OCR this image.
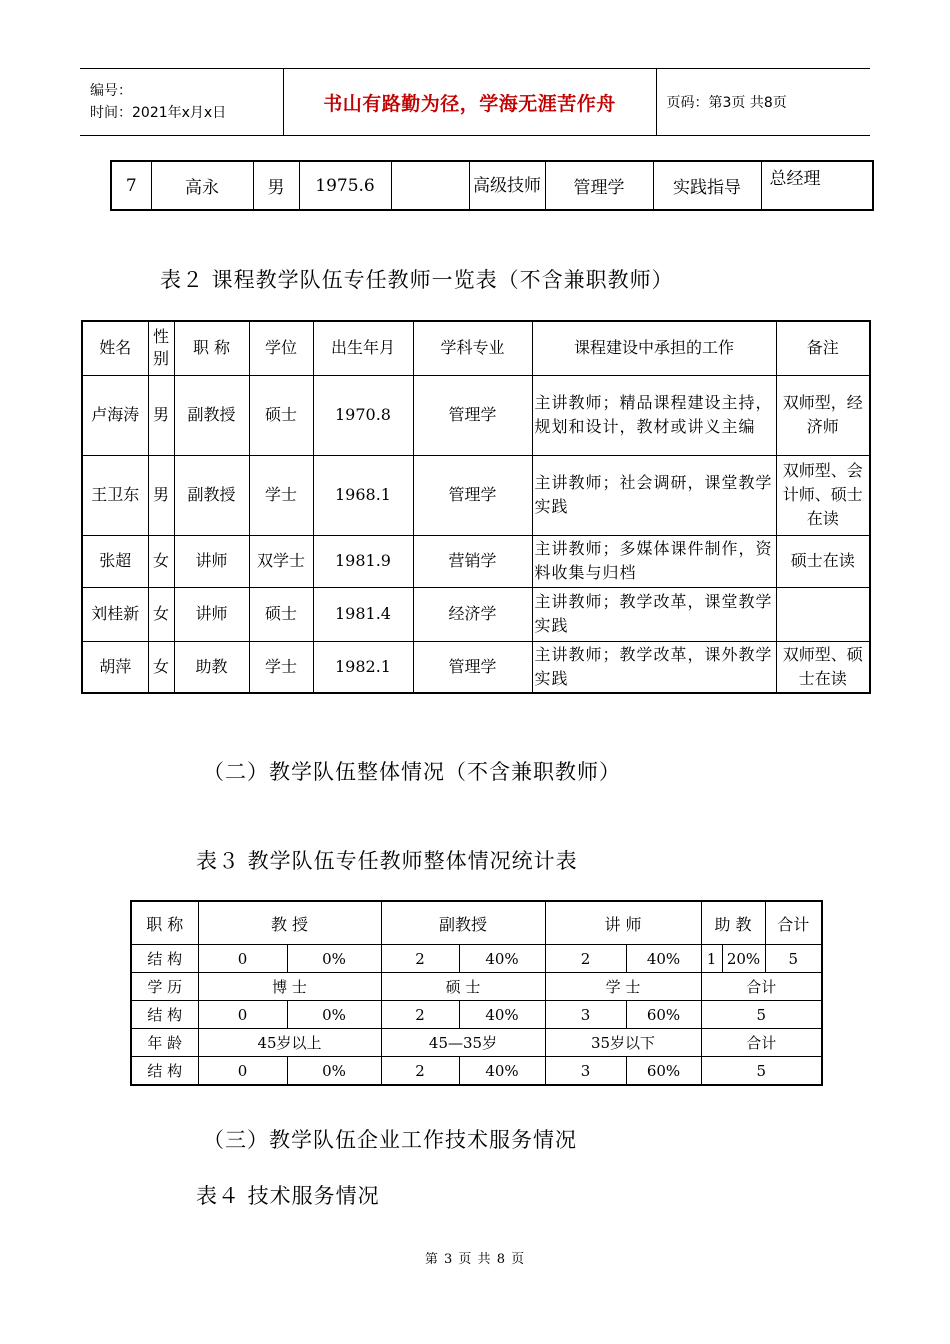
编号：
时间：2021年x月x日	书山有路勤为径，学海无涯苦作舟	页码：第3页 共8页
7	高永	男	1975.6		高级技师	管理学	实践指导	总经理
表２ 课程教学队伍专任教师一览表（不含兼职教师）
姓名	性别	职 称	学位	出生年月	学科专业	课程建设中承担的工作	备注
卢海涛	男	副教授	硕士	1970.8	管理学	主讲教师；精品课程建设主持，规划和设计，教材或讲义主编	双师型，经济师
王卫东	男	副教授	学士	1968.1	管理学	主讲教师；社会调研，课堂教学实践	双师型、会计师、硕士在读
张超	女	讲师	双学士	1981.9	营销学	主讲教师；多媒体课件制作，资料收集与归档	硕士在读
刘桂新	女	讲师	硕士	1981.4	经济学	主讲教师；教学改革，课堂教学实践	
胡萍	女	助教	学士	1982.1	管理学	主讲教师；教学改革，课外教学实践	双师型、硕士在读
（二）教学队伍整体情况（不含兼职教师）
表３ 教学队伍专任教师整体情况统计表
职 称	教 授		副教授		讲 师		助 教		合计
结 构	0	0%	2	40%	2	40%	1	20%	5
学 历	博 士		硕 士		学 士		合计		
结 构	0	0%	2	40%	3	60%	5		
年 龄	45岁以上		45—35岁		35岁以下		合计		
结 构	0	0%	2	40%	3	60%	5		
（三）教学队伍企业工作技术服务情况
表４ 技术服务情况
第 3 页 共 8 页
